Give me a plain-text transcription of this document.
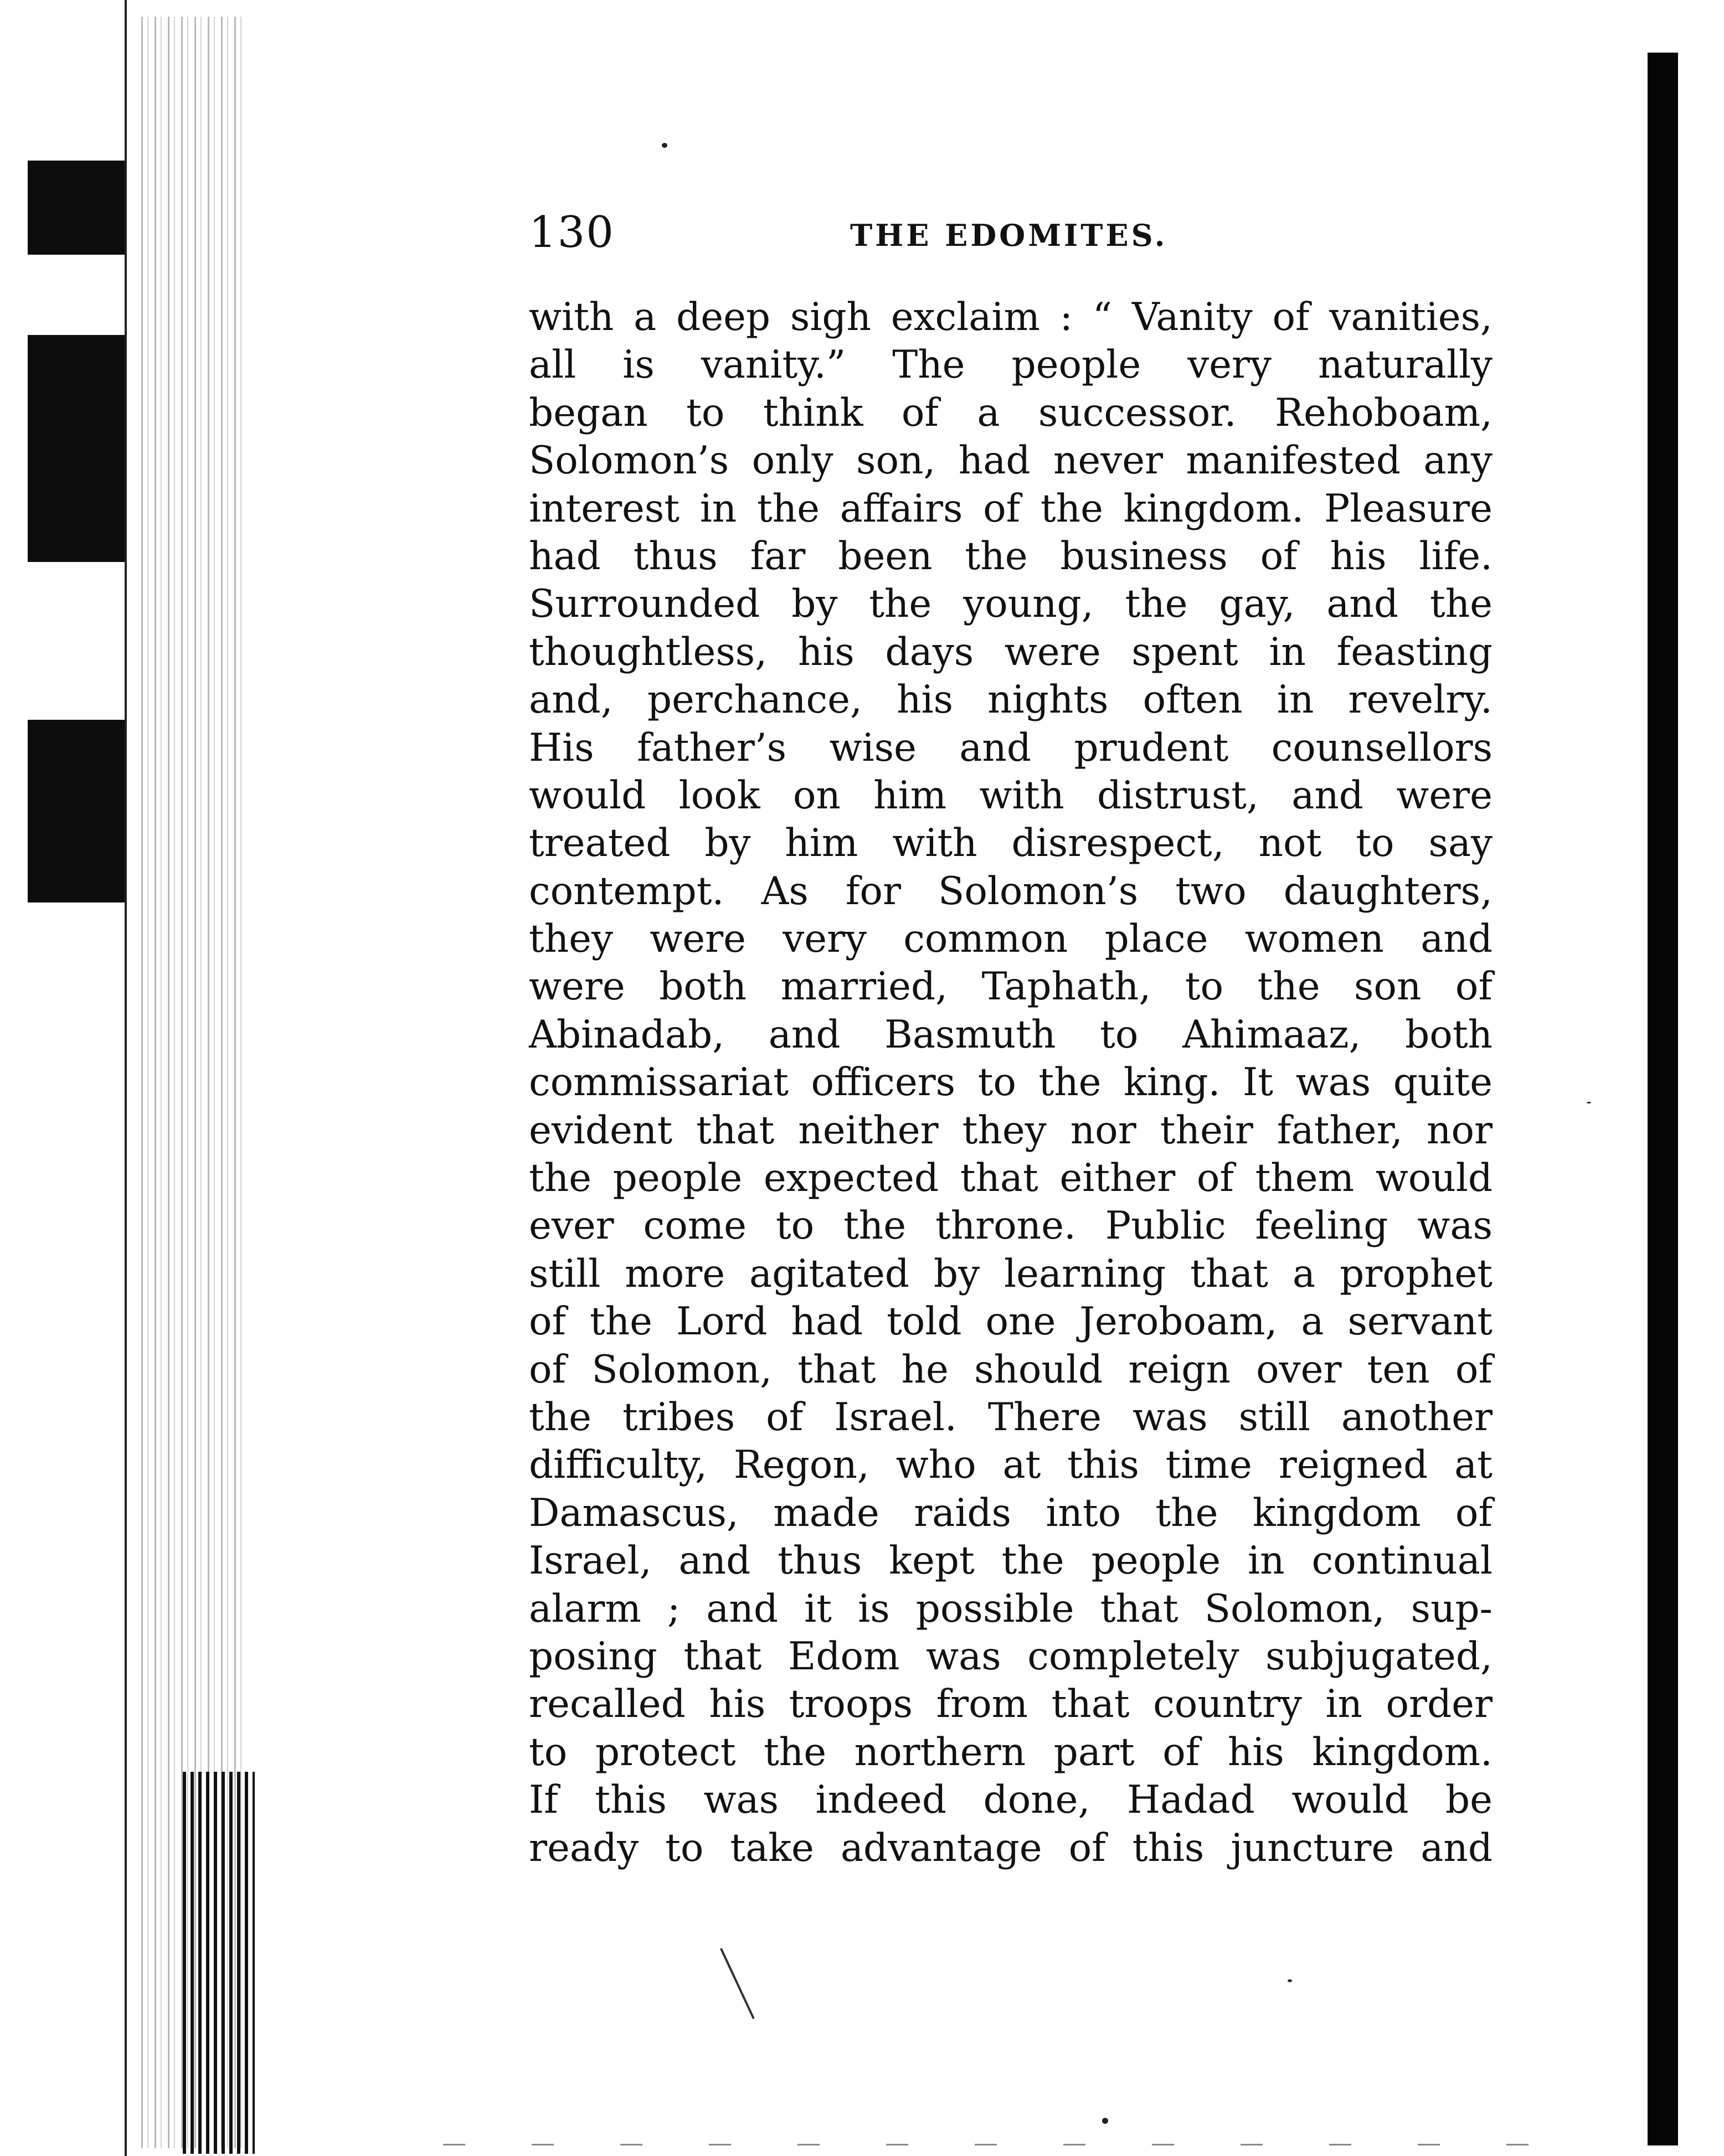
130	THE EDOMITES.
with a deep sigh exclaim : “ Vanity of vanities,
all is vanity.” The people very naturally
began to think of a successor. Rehoboam,
Solomon’s only son, had never manifested any
interest in the affairs of the kingdom. Pleasure
had thus far been the business of his life.
Surrounded by the young, the gay, and the
thoughtless, his days were spent in feasting
and, perchance, his nights often in revelry.
His father’s wise and prudent counsellors
would look on him with distrust, and were
treated by him with disrespect, not to say
contempt. As for Solomon’s two daughters,
they were very common place women and
were both married, Taphath, to the son of
Abinadab, and Basmuth to Ahimaaz, both
commissariat officers to the king. It was quite
evident that neither they nor their father, nor
the people expected that either of them would
ever come to the throne. Public feeling was
still more agitated by learning that a prophet
of the Lord had told one Jeroboam, a servant
of Solomon, that he should reign over ten of
the tribes of Israel. There was still another
difficulty, Regon, who at this time reigned at
Damascus, made raids into the kingdom of
Israel, and thus kept the people in continual
alarm ; and it is possible that Solomon, sup-
posing that Edom was completely subjugated,
recalled his troops from that country in order
to protect the northern part of his kingdom.
If this was indeed done, Hadad would be
ready to take advantage of this juncture and
